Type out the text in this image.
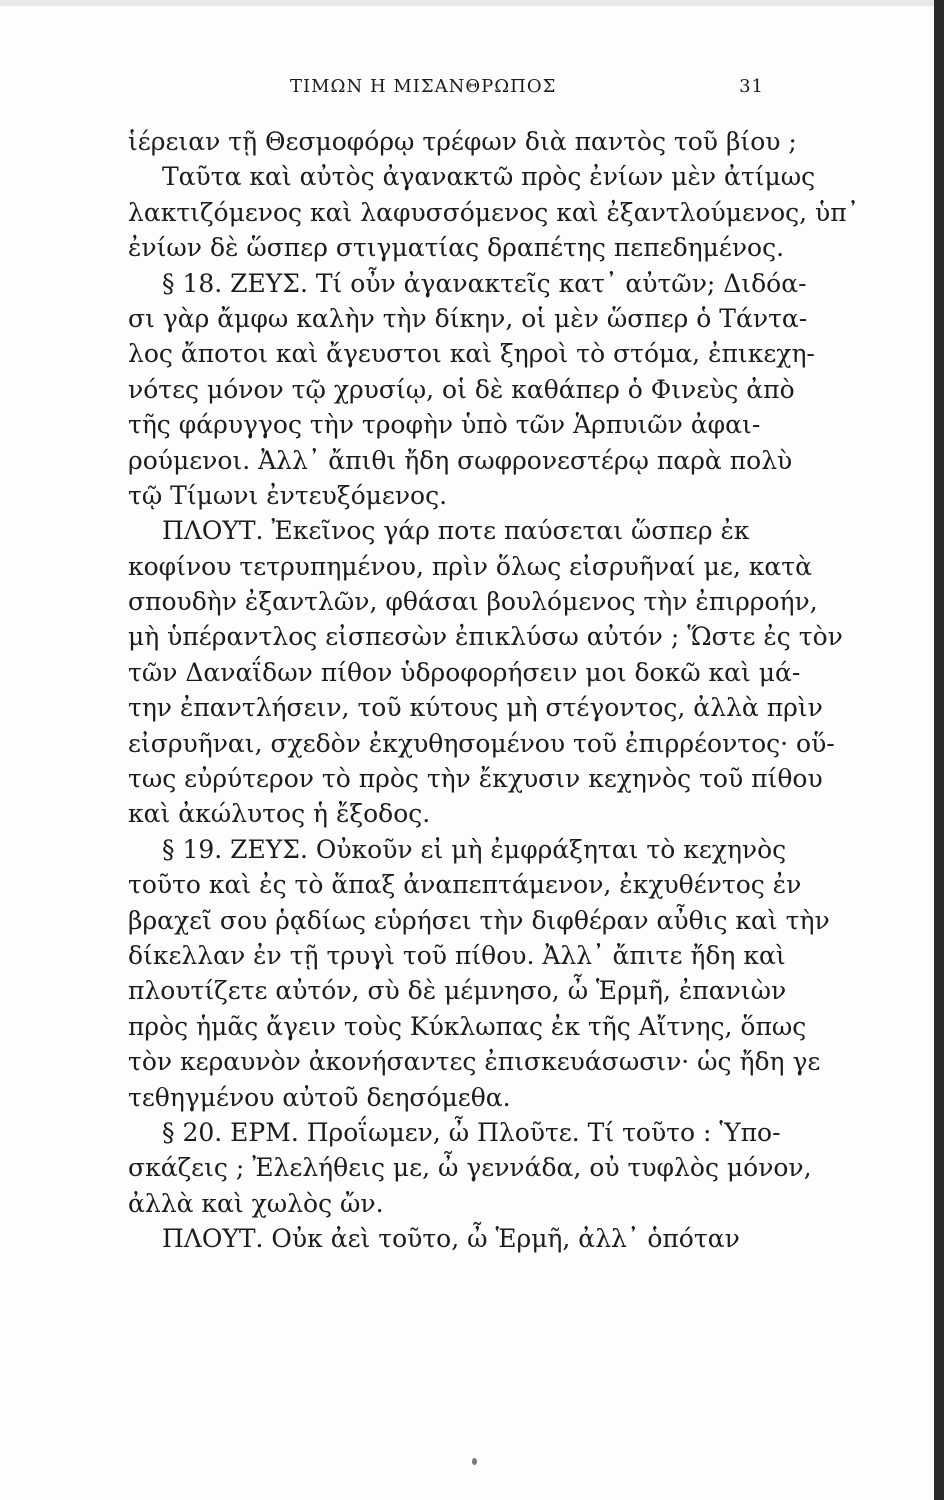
ΤΙΜΩΝ Η ΜΙΣΑΝΘΡΩΠΟΣ	31
ἱέρειαν τῇ Θεσμοφόρῳ τρέφων διὰ παντὸς τοῦ βίου ;
Ταῦτα καὶ αὐτὸς ἀγανακτῶ πρὸς ἐνίων μὲν ἀτίμως
λακτιζόμενος καὶ λαφυσσόμενος καὶ ἐξαντλούμενος, ὑπ᾽
ἐνίων δὲ ὥσπερ στιγματίας δραπέτης πεπεδημένος.
§ 18. ΖΕΥΣ. Τί οὖν ἀγανακτεῖς κατ᾽ αὐτῶν; Διδόα-
σι γὰρ ἄμφω καλὴν τὴν δίκην, οἱ μὲν ὥσπερ ὁ Τάντα-
λος ἄποτοι καὶ ἄγευστοι καὶ ξηροὶ τὸ στόμα, ἐπικεχη-
νότες μόνον τῷ χρυσίῳ, οἱ δὲ καθάπερ ὁ Φινεὺς ἀπὸ
τῆς φάρυγγος τὴν τροφὴν ὑπὸ τῶν Ἁρπυιῶν ἀφαι-
ρούμενοι. Ἀλλ᾽ ἄπιθι ἤδη σωφρονεστέρῳ παρὰ πολὺ
τῷ Τίμωνι ἐντευξόμενος.
ΠΛΟΥΤ. Ἐκεῖνος γάρ ποτε παύσεται ὥσπερ ἐκ
κοφίνου τετρυπημένου, πρὶν ὅλως εἰσρυῆναί με, κατὰ
σπουδὴν ἐξαντλῶν, φθάσαι βουλόμενος τὴν ἐπιρροήν,
μὴ ὑπέραντλος εἰσπεσὼν ἐπικλύσω αὐτόν ; Ὥστε ἐς τὸν
τῶν Δαναΐδων πίθον ὑδροφορήσειν μοι δοκῶ καὶ μά-
την ἐπαντλήσειν, τοῦ κύτους μὴ στέγοντος, ἀλλὰ πρὶν
εἰσρυῆναι, σχεδὸν ἐκχυθησομένου τοῦ ἐπιρρέοντος· οὕ-
τως εὐρύτερον τὸ πρὸς τὴν ἔκχυσιν κεχηνὸς τοῦ πίθου
καὶ ἀκώλυτος ἡ ἔξοδος.
§ 19. ΖΕΥΣ. Οὐκοῦν εἰ μὴ ἐμφράξηται τὸ κεχηνὸς
τοῦτο καὶ ἐς τὸ ἅπαξ ἀναπεπτάμενον, ἐκχυθέντος ἐν
βραχεῖ σου ῥᾳδίως εὑρήσει τὴν διφθέραν αὖθις καὶ τὴν
δίκελλαν ἐν τῇ τρυγὶ τοῦ πίθου. Ἀλλ᾽ ἄπιτε ἤδη καὶ
πλουτίζετε αὐτόν, σὺ δὲ μέμνησο, ὦ Ἑρμῆ, ἐπανιὼν
πρὸς ἡμᾶς ἄγειν τοὺς Κύκλωπας ἐκ τῆς Αἴτνης, ὅπως
τὸν κεραυνὸν ἀκονήσαντες ἐπισκευάσωσιν· ὡς ἤδη γε
τεθηγμένου αὐτοῦ δεησόμεθα.
§ 20. ΕΡΜ. Προΐωμεν, ὦ Πλοῦτε. Τί τοῦτο : Ὑπο-
σκάζεις ; Ἐλελήθεις με, ὦ γεννάδα, οὐ τυφλὸς μόνον,
ἀλλὰ καὶ χωλὸς ὤν.
ΠΛΟΥΤ. Οὐκ ἀεὶ τοῦτο, ὦ Ἑρμῆ, ἀλλ᾽ ὁπόταν
